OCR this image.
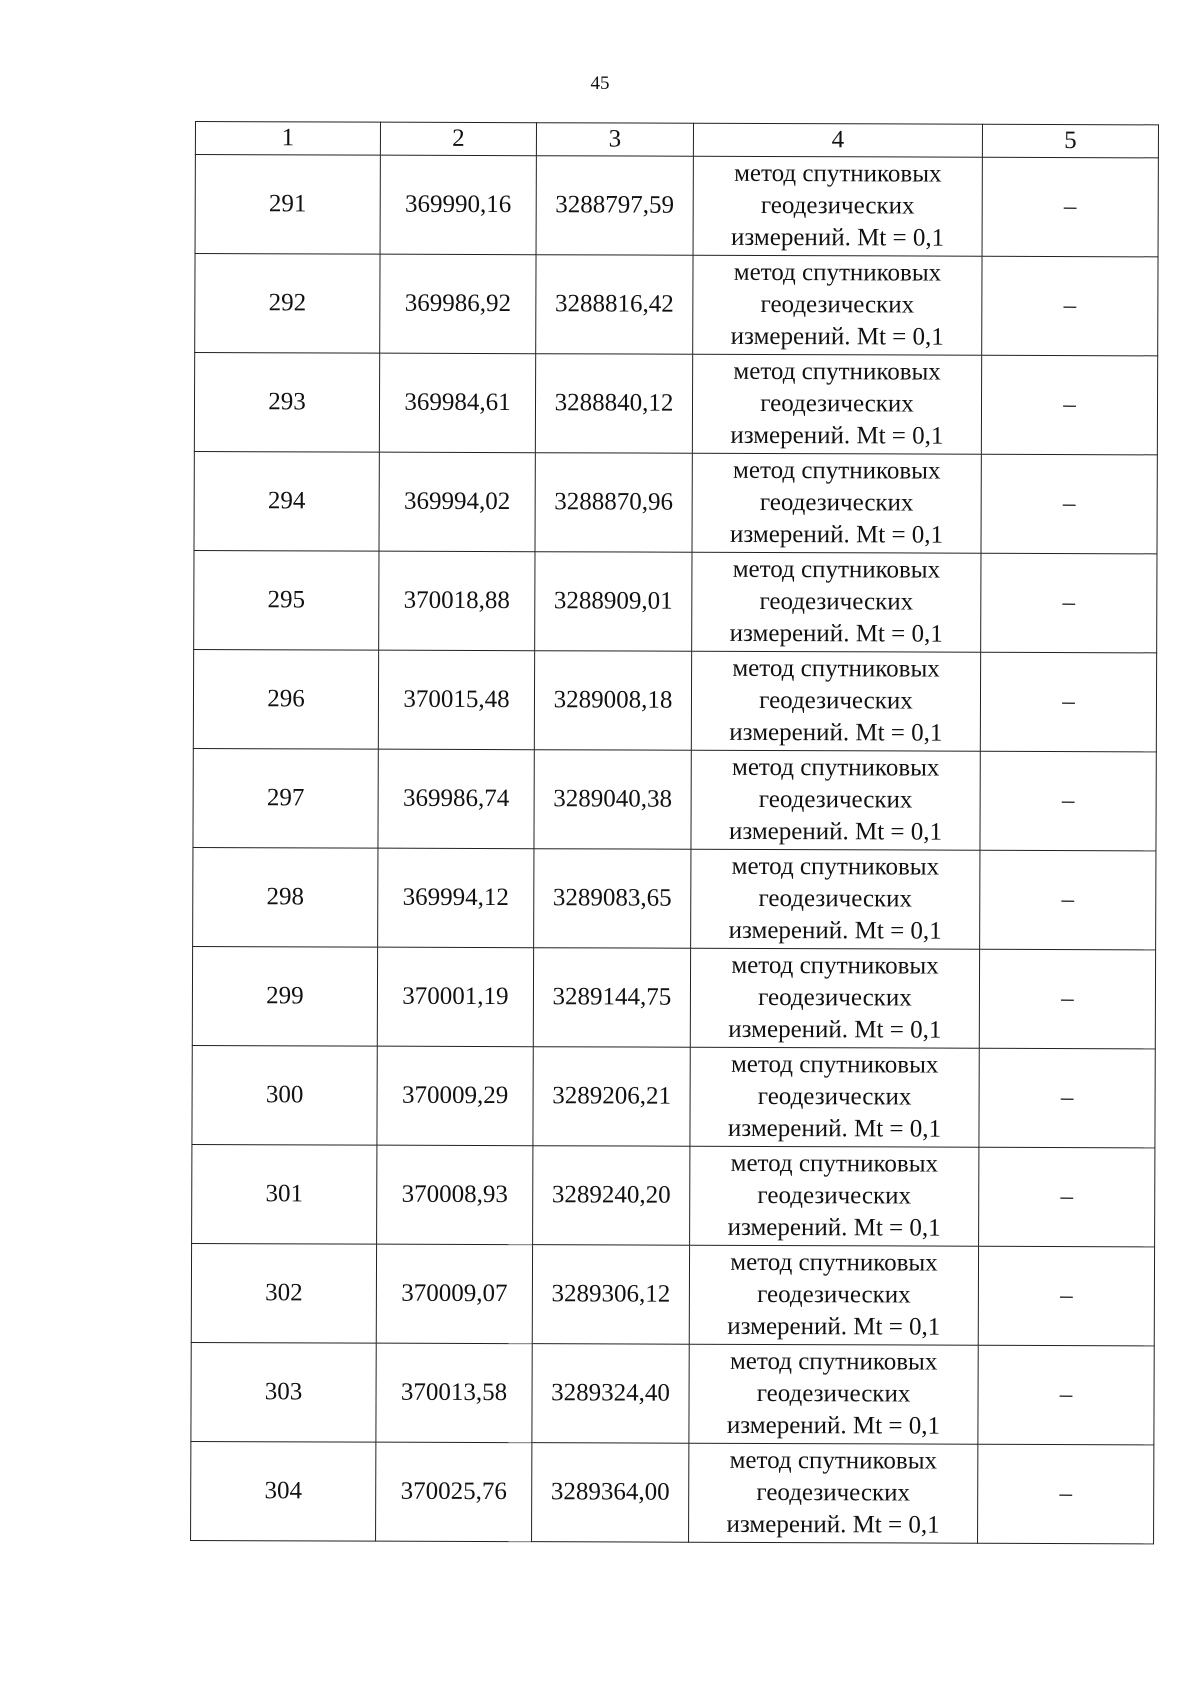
45
1	2	3	4	5
291	369990,16	3288797,59	метод спутниковых
геодезических
измерений. Mt = 0,1	–
292	369986,92	3288816,42	метод спутниковых
геодезических
измерений. Mt = 0,1	–
293	369984,61	3288840,12	метод спутниковых
геодезических
измерений. Mt = 0,1	–
294	369994,02	3288870,96	метод спутниковых
геодезических
измерений. Mt = 0,1	–
295	370018,88	3288909,01	метод спутниковых
геодезических
измерений. Mt = 0,1	–
296	370015,48	3289008,18	метод спутниковых
геодезических
измерений. Mt = 0,1	–
297	369986,74	3289040,38	метод спутниковых
геодезических
измерений. Mt = 0,1	–
298	369994,12	3289083,65	метод спутниковых
геодезических
измерений. Mt = 0,1	–
299	370001,19	3289144,75	метод спутниковых
геодезических
измерений. Mt = 0,1	–
300	370009,29	3289206,21	метод спутниковых
геодезических
измерений. Mt = 0,1	–
301	370008,93	3289240,20	метод спутниковых
геодезических
измерений. Mt = 0,1	–
302	370009,07	3289306,12	метод спутниковых
геодезических
измерений. Mt = 0,1	–
303	370013,58	3289324,40	метод спутниковых
геодезических
измерений. Mt = 0,1	–
304	370025,76	3289364,00	метод спутниковых
геодезических
измерений. Mt = 0,1	–
